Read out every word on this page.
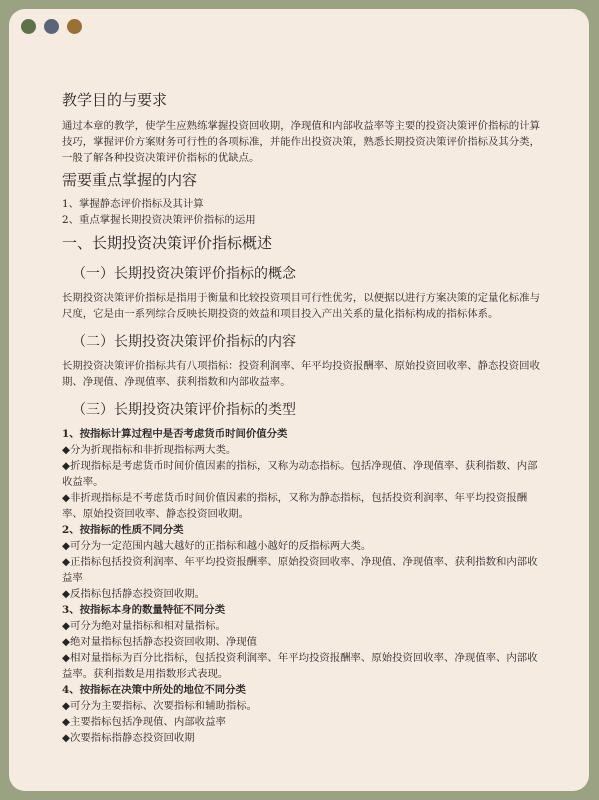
教学目的与要求
通过本章的教学，使学生应熟练掌握投资回收期，净现值和内部收益率等主要的投资决策评价指标的计算技巧，掌握评价方案财务可行性的各项标准，并能作出投资决策，熟悉长期投资决策评价指标及其分类，一般了解各种投资决策评价指标的优缺点。
需要重点掌握的内容
1、掌握静态评价指标及其计算
2、重点掌握长期投资决策评价指标的运用
一、长期投资决策评价指标概述
（一）长期投资决策评价指标的概念
长期投资决策评价指标是指用于衡量和比较投资项目可行性优劣，以便据以进行方案决策的定量化标准与尺度，它是由一系列综合反映长期投资的效益和项目投入产出关系的量化指标构成的指标体系。
（二）长期投资决策评价指标的内容
长期投资决策评价指标共有八项指标：投资利润率、年平均投资报酬率、原始投资回收率、静态投资回收期、净现值、净现值率、获利指数和内部收益率。
（三）长期投资决策评价指标的类型
1、按指标计算过程中是否考虑货币时间价值分类
◆分为折现指标和非折现指标两大类。
◆折现指标是考虑货币时间价值因素的指标，又称为动态指标。包括净现值、净现值率、获利指数、内部收益率。
◆非折现指标是不考虑货币时间价值因素的指标，又称为静态指标，包括投资利润率、年平均投资报酬率、原始投资回收率、静态投资回收期。
2、按指标的性质不同分类
◆可分为一定范围内越大越好的正指标和越小越好的反指标两大类。
◆正指标包括投资利润率、年平均投资报酬率、原始投资回收率、净现值、净现值率、获利指数和内部收益率
◆反指标包括静态投资回收期。
3、按指标本身的数量特征不同分类
◆可分为绝对量指标和相对量指标。
◆绝对量指标包括静态投资回收期、净现值
◆相对量指标为百分比指标，包括投资利润率、年平均投资报酬率、原始投资回收率、净现值率、内部收益率。获利指数是用指数形式表现。
4、按指标在决策中所处的地位不同分类
◆可分为主要指标、次要指标和辅助指标。
◆主要指标包括净现值、内部收益率
◆次要指标指静态投资回收期
